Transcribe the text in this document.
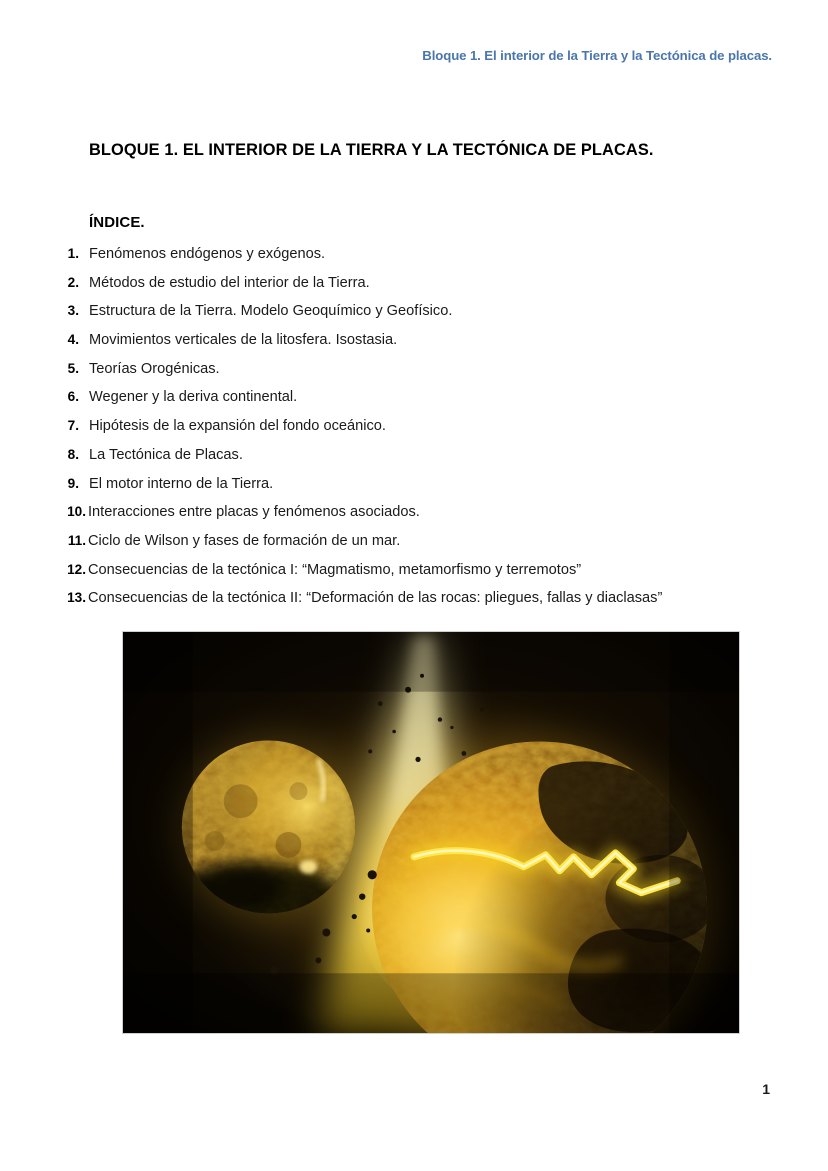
Bloque 1. El interior de la Tierra y la Tectónica de placas.
BLOQUE 1. EL INTERIOR DE LA TIERRA Y LA TECTÓNICA DE PLACAS.
ÍNDICE.
1. Fenómenos endógenos y exógenos.
2. Métodos de estudio del interior de la Tierra.
3. Estructura de la Tierra. Modelo Geoquímico y Geofísico.
4. Movimientos verticales de la litosfera. Isostasia.
5. Teorías Orogénicas.
6. Wegener y la deriva continental.
7. Hipótesis de la expansión del fondo oceánico.
8. La Tectónica de Placas.
9. El motor interno de la Tierra.
10. Interacciones entre placas y fenómenos asociados.
11. Ciclo de Wilson y fases de formación de un mar.
12. Consecuencias de la tectónica I: “Magmatismo, metamorfismo y terremotos”
13. Consecuencias de la tectónica II: “Deformación de las rocas: pliegues, fallas y diaclasas”
1
